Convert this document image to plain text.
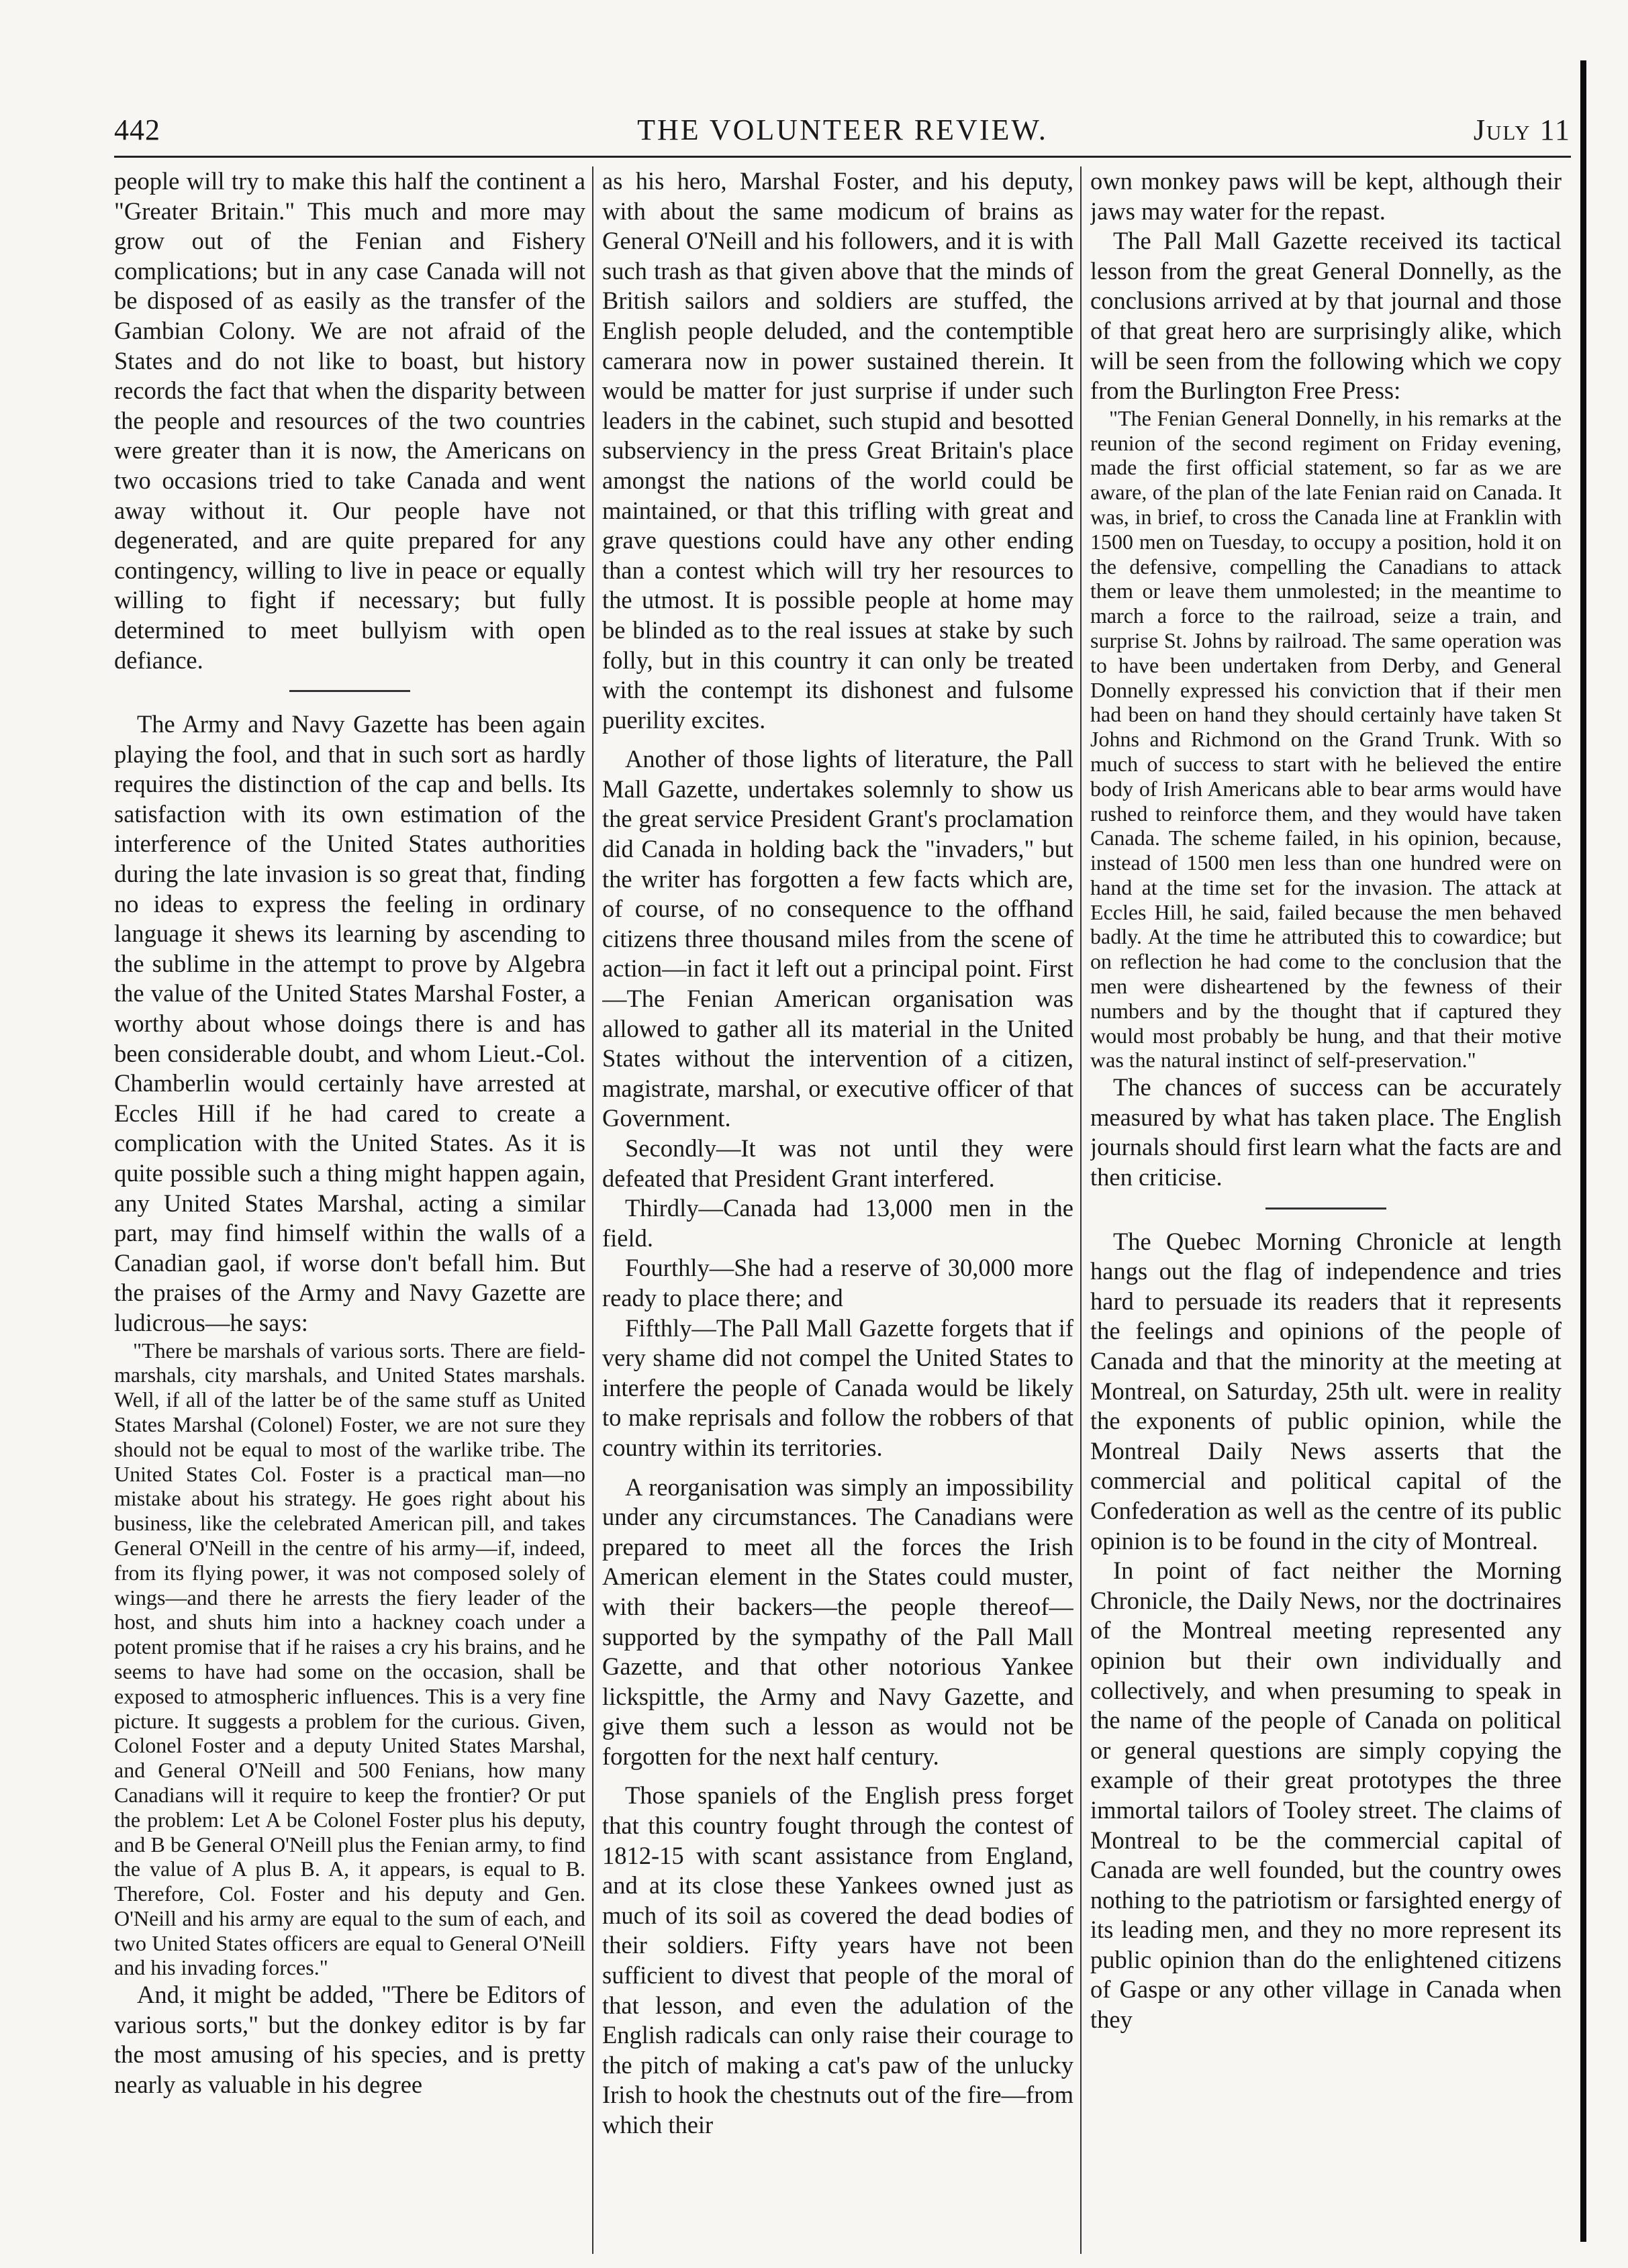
442	THE VOLUNTEER REVIEW.	July 11

people will try to make this half the continent a "Greater Britain." This much and more may grow out of the Fenian and Fishery complications; but in any case Canada will not be disposed of as easily as the transfer of the Gambian Colony. We are not afraid of the States and do not like to boast, but history records the fact that when the disparity between the people and resources of the two countries were greater than it is now, the Americans on two occasions tried to take Canada and went away without it. Our people have not degenerated, and are quite prepared for any contingency, willing to live in peace or equally willing to fight if necessary; but fully determined to meet bullyism with open defiance.

The Army and Navy Gazette has been again playing the fool, and that in such sort as hardly requires the distinction of the cap and bells. Its satisfaction with its own estimation of the interference of the United States authorities during the late invasion is so great that, finding no ideas to express the feeling in ordinary language it shews its learning by ascending to the sublime in the attempt to prove by Algebra the value of the United States Marshal Foster, a worthy about whose doings there is and has been considerable doubt, and whom Lieut.-Col. Chamberlin would certainly have arrested at Eccles Hill if he had cared to create a complication with the United States. As it is quite possible such a thing might happen again, any United States Marshal, acting a similar part, may find himself within the walls of a Canadian gaol, if worse don't befall him. But the praises of the Army and Navy Gazette are ludicrous—he says:

"There be marshals of various sorts. There are field-marshals, city marshals, and United States marshals. Well, if all of the latter be of the same stuff as United States Marshal (Colonel) Foster, we are not sure they should not be equal to most of the warlike tribe. The United States Col. Foster is a practical man—no mistake about his strategy. He goes right about his business, like the celebrated American pill, and takes General O'Neill in the centre of his army—if, indeed, from its flying power, it was not composed solely of wings—and there he arrests the fiery leader of the host, and shuts him into a hackney coach under a potent promise that if he raises a cry his brains, and he seems to have had some on the occasion, shall be exposed to atmospheric influences. This is a very fine picture. It suggests a problem for the curious. Given, Colonel Foster and a deputy United States Marshal, and General O'Neill and 500 Fenians, how many Canadians will it require to keep the frontier? Or put the problem: Let A be Colonel Foster plus his deputy, and B be General O'Neill plus the Fenian army, to find the value of A plus B. A, it appears, is equal to B. Therefore, Col. Foster and his deputy and Gen. O'Neill and his army are equal to the sum of each, and two United States officers are equal to General O'Neill and his invading forces."

And, it might be added, "There be Editors of various sorts," but the donkey editor is by far the most amusing of his species, and is pretty nearly as valuable in his degree

as his hero, Marshal Foster, and his deputy, with about the same modicum of brains as General O'Neill and his followers, and it is with such trash as that given above that the minds of British sailors and soldiers are stuffed, the English people deluded, and the contemptible camerara now in power sustained therein. It would be matter for just surprise if under such leaders in the cabinet, such stupid and besotted subserviency in the press Great Britain's place amongst the nations of the world could be maintained, or that this trifling with great and grave questions could have any other ending than a contest which will try her resources to the utmost. It is possible people at home may be blinded as to the real issues at stake by such folly, but in this country it can only be treated with the contempt its dishonest and fulsome puerility excites.

Another of those lights of literature, the Pall Mall Gazette, undertakes solemnly to show us the great service President Grant's proclamation did Canada in holding back the "invaders," but the writer has forgotten a few facts which are, of course, of no consequence to the offhand citizens three thousand miles from the scene of action—in fact it left out a principal point. First—The Fenian American organisation was allowed to gather all its material in the United States without the intervention of a citizen, magistrate, marshal, or executive officer of that Government.

Secondly—It was not until they were defeated that President Grant interfered.

Thirdly—Canada had 13,000 men in the field.

Fourthly—She had a reserve of 30,000 more ready to place there; and

Fifthly—The Pall Mall Gazette forgets that if very shame did not compel the United States to interfere the people of Canada would be likely to make reprisals and follow the robbers of that country within its territories.

A reorganisation was simply an impossibility under any circumstances. The Canadians were prepared to meet all the forces the Irish American element in the States could muster, with their backers—the people thereof—supported by the sympathy of the Pall Mall Gazette, and that other notorious Yankee lickspittle, the Army and Navy Gazette, and give them such a lesson as would not be forgotten for the next half century.

Those spaniels of the English press forget that this country fought through the contest of 1812-15 with scant assistance from England, and at its close these Yankees owned just as much of its soil as covered the dead bodies of their soldiers. Fifty years have not been sufficient to divest that people of the moral of that lesson, and even the adulation of the English radicals can only raise their courage to the pitch of making a cat's paw of the unlucky Irish to hook the chestnuts out of the fire—from which their

own monkey paws will be kept, although their jaws may water for the repast.

The Pall Mall Gazette received its tactical lesson from the great General Donnelly, as the conclusions arrived at by that journal and those of that great hero are surprisingly alike, which will be seen from the following which we copy from the Burlington Free Press:

"The Fenian General Donnelly, in his remarks at the reunion of the second regiment on Friday evening, made the first official statement, so far as we are aware, of the plan of the late Fenian raid on Canada. It was, in brief, to cross the Canada line at Franklin with 1500 men on Tuesday, to occupy a position, hold it on the defensive, compelling the Canadians to attack them or leave them unmolested; in the meantime to march a force to the railroad, seize a train, and surprise St. Johns by railroad. The same operation was to have been undertaken from Derby, and General Donnelly expressed his conviction that if their men had been on hand they should certainly have taken St Johns and Richmond on the Grand Trunk. With so much of success to start with he believed the entire body of Irish Americans able to bear arms would have rushed to reinforce them, and they would have taken Canada. The scheme failed, in his opinion, because, instead of 1500 men less than one hundred were on hand at the time set for the invasion. The attack at Eccles Hill, he said, failed because the men behaved badly. At the time he attributed this to cowardice; but on reflection he had come to the conclusion that the men were disheartened by the fewness of their numbers and by the thought that if captured they would most probably be hung, and that their motive was the natural instinct of self-preservation."

The chances of success can be accurately measured by what has taken place. The English journals should first learn what the facts are and then criticise.

The Quebec Morning Chronicle at length hangs out the flag of independence and tries hard to persuade its readers that it represents the feelings and opinions of the people of Canada and that the minority at the meeting at Montreal, on Saturday, 25th ult. were in reality the exponents of public opinion, while the Montreal Daily News asserts that the commercial and political capital of the Confederation as well as the centre of its public opinion is to be found in the city of Montreal.

In point of fact neither the Morning Chronicle, the Daily News, nor the doctrinaires of the Montreal meeting represented any opinion but their own individually and collectively, and when presuming to speak in the name of the people of Canada on political or general questions are simply copying the example of their great prototypes the three immortal tailors of Tooley street. The claims of Montreal to be the commercial capital of Canada are well founded, but the country owes nothing to the patriotism or farsighted energy of its leading men, and they no more represent its public opinion than do the enlightened citizens of Gaspe or any other village in Canada when they
